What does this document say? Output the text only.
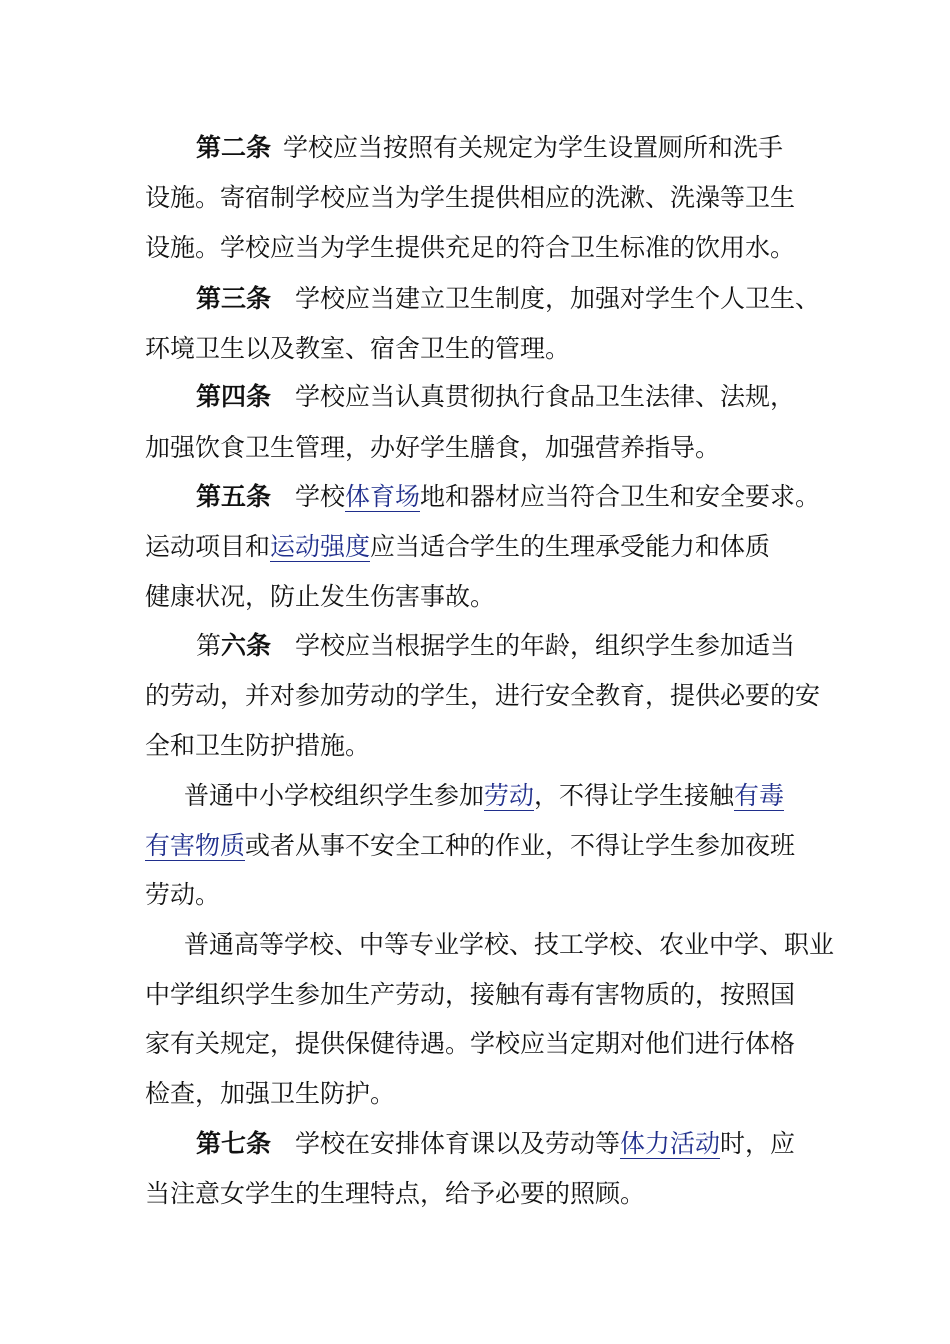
第二条 学校应当按照有关规定为学生设置厕所和洗手
设施。寄宿制学校应当为学生提供相应的洗漱、洗澡等卫生
设施。学校应当为学生提供充足的符合卫生标准的饮用水。
第三条 学校应当建立卫生制度，加强对学生个人卫生、
环境卫生以及教室、宿舍卫生的管理。
第四条 学校应当认真贯彻执行食品卫生法律、法规，
加强饮食卫生管理，办好学生膳食，加强营养指导。
第五条 学校体育场地和器材应当符合卫生和安全要求。
运动项目和运动强度应当适合学生的生理承受能力和体质
健康状况，防止发生伤害事故。
第六条 学校应当根据学生的年龄，组织学生参加适当
的劳动，并对参加劳动的学生，进行安全教育，提供必要的安
全和卫生防护措施。
普通中小学校组织学生参加劳动，不得让学生接触有毒
有害物质或者从事不安全工种的作业，不得让学生参加夜班
劳动。
普通高等学校、中等专业学校、技工学校、农业中学、职业
中学组织学生参加生产劳动，接触有毒有害物质的，按照国
家有关规定，提供保健待遇。学校应当定期对他们进行体格
检查，加强卫生防护。
第七条 学校在安排体育课以及劳动等体力活动时，应
当注意女学生的生理特点，给予必要的照顾。
